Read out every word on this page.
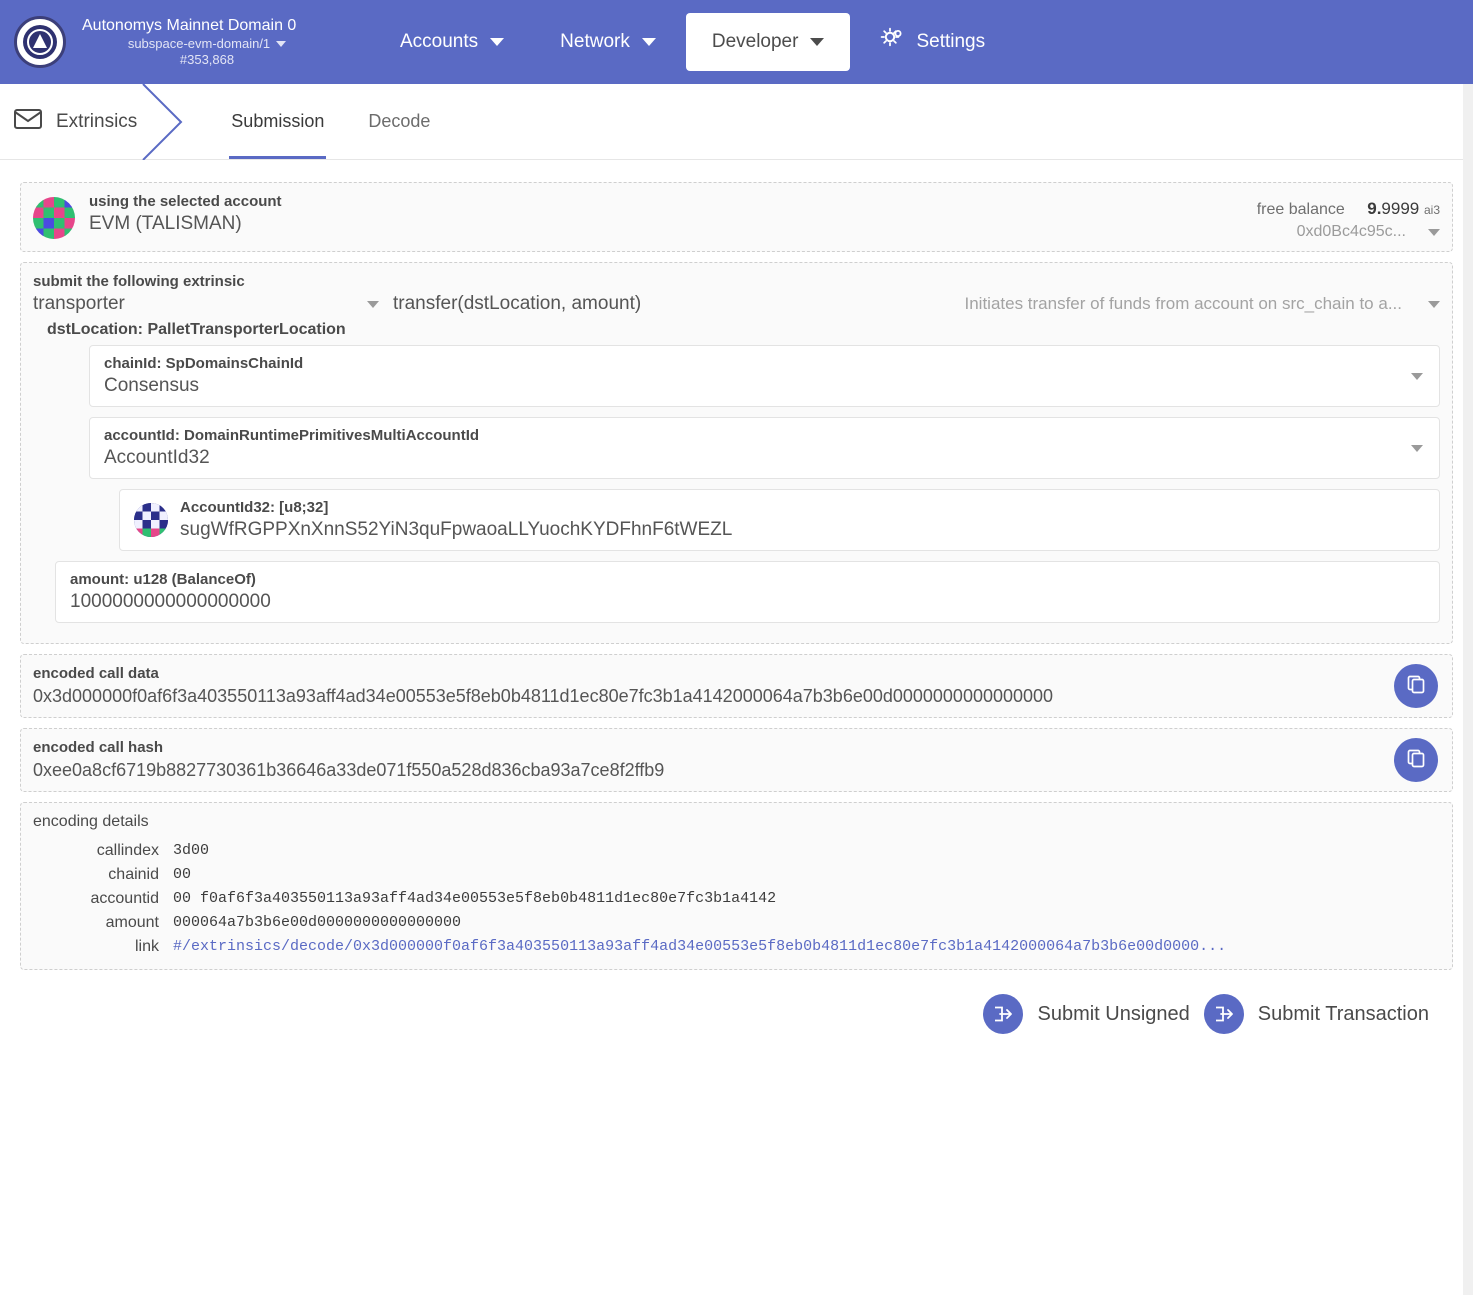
Autonomys Mainnet Domain 0
subspace-evm-domain/1
#353,868
Accounts	Network	Developer	Settings
Extrinsics	Submission Decode
using the selected account
EVM (TALISMAN)
free balance 9.9999 ai3
0xd0Bc4c95c...
submit the following extrinsic
transporter	transfer(dstLocation, amount)	Initiates transfer of funds from account on src_chain to a...
dstLocation: PalletTransporterLocation
chainId: SpDomainsChainId
Consensus
accountId: DomainRuntimePrimitivesMultiAccountId
AccountId32
AccountId32: [u8;32]
sugWfRGPPXnXnnS52YiN3quFpwaoaLLYuochKYDFhnF6tWEZL
amount: u128 (BalanceOf)
1000000000000000000
encoded call data
0x3d000000f0af6f3a403550113a93aff4ad34e00553e5f8eb0b4811d1ec80e7fc3b1a4142000064a7b3b6e00d0000000000000000
encoded call hash
0xee0a8cf6719b8827730361b36646a33de071f550a528d836cba93a7ce8f2ffb9
encoding details
callindex	3d00
chainid	00
accountid	00 f0af6f3a403550113a93aff4ad34e00553e5f8eb0b4811d1ec80e7fc3b1a4142
amount	000064a7b3b6e00d0000000000000000
link	#/extrinsics/decode/0x3d000000f0af6f3a403550113a93aff4ad34e00553e5f8eb0b4811d1ec80e7fc3b1a4142000064a7b3b6e00d0000...
Submit Unsigned	Submit Transaction
